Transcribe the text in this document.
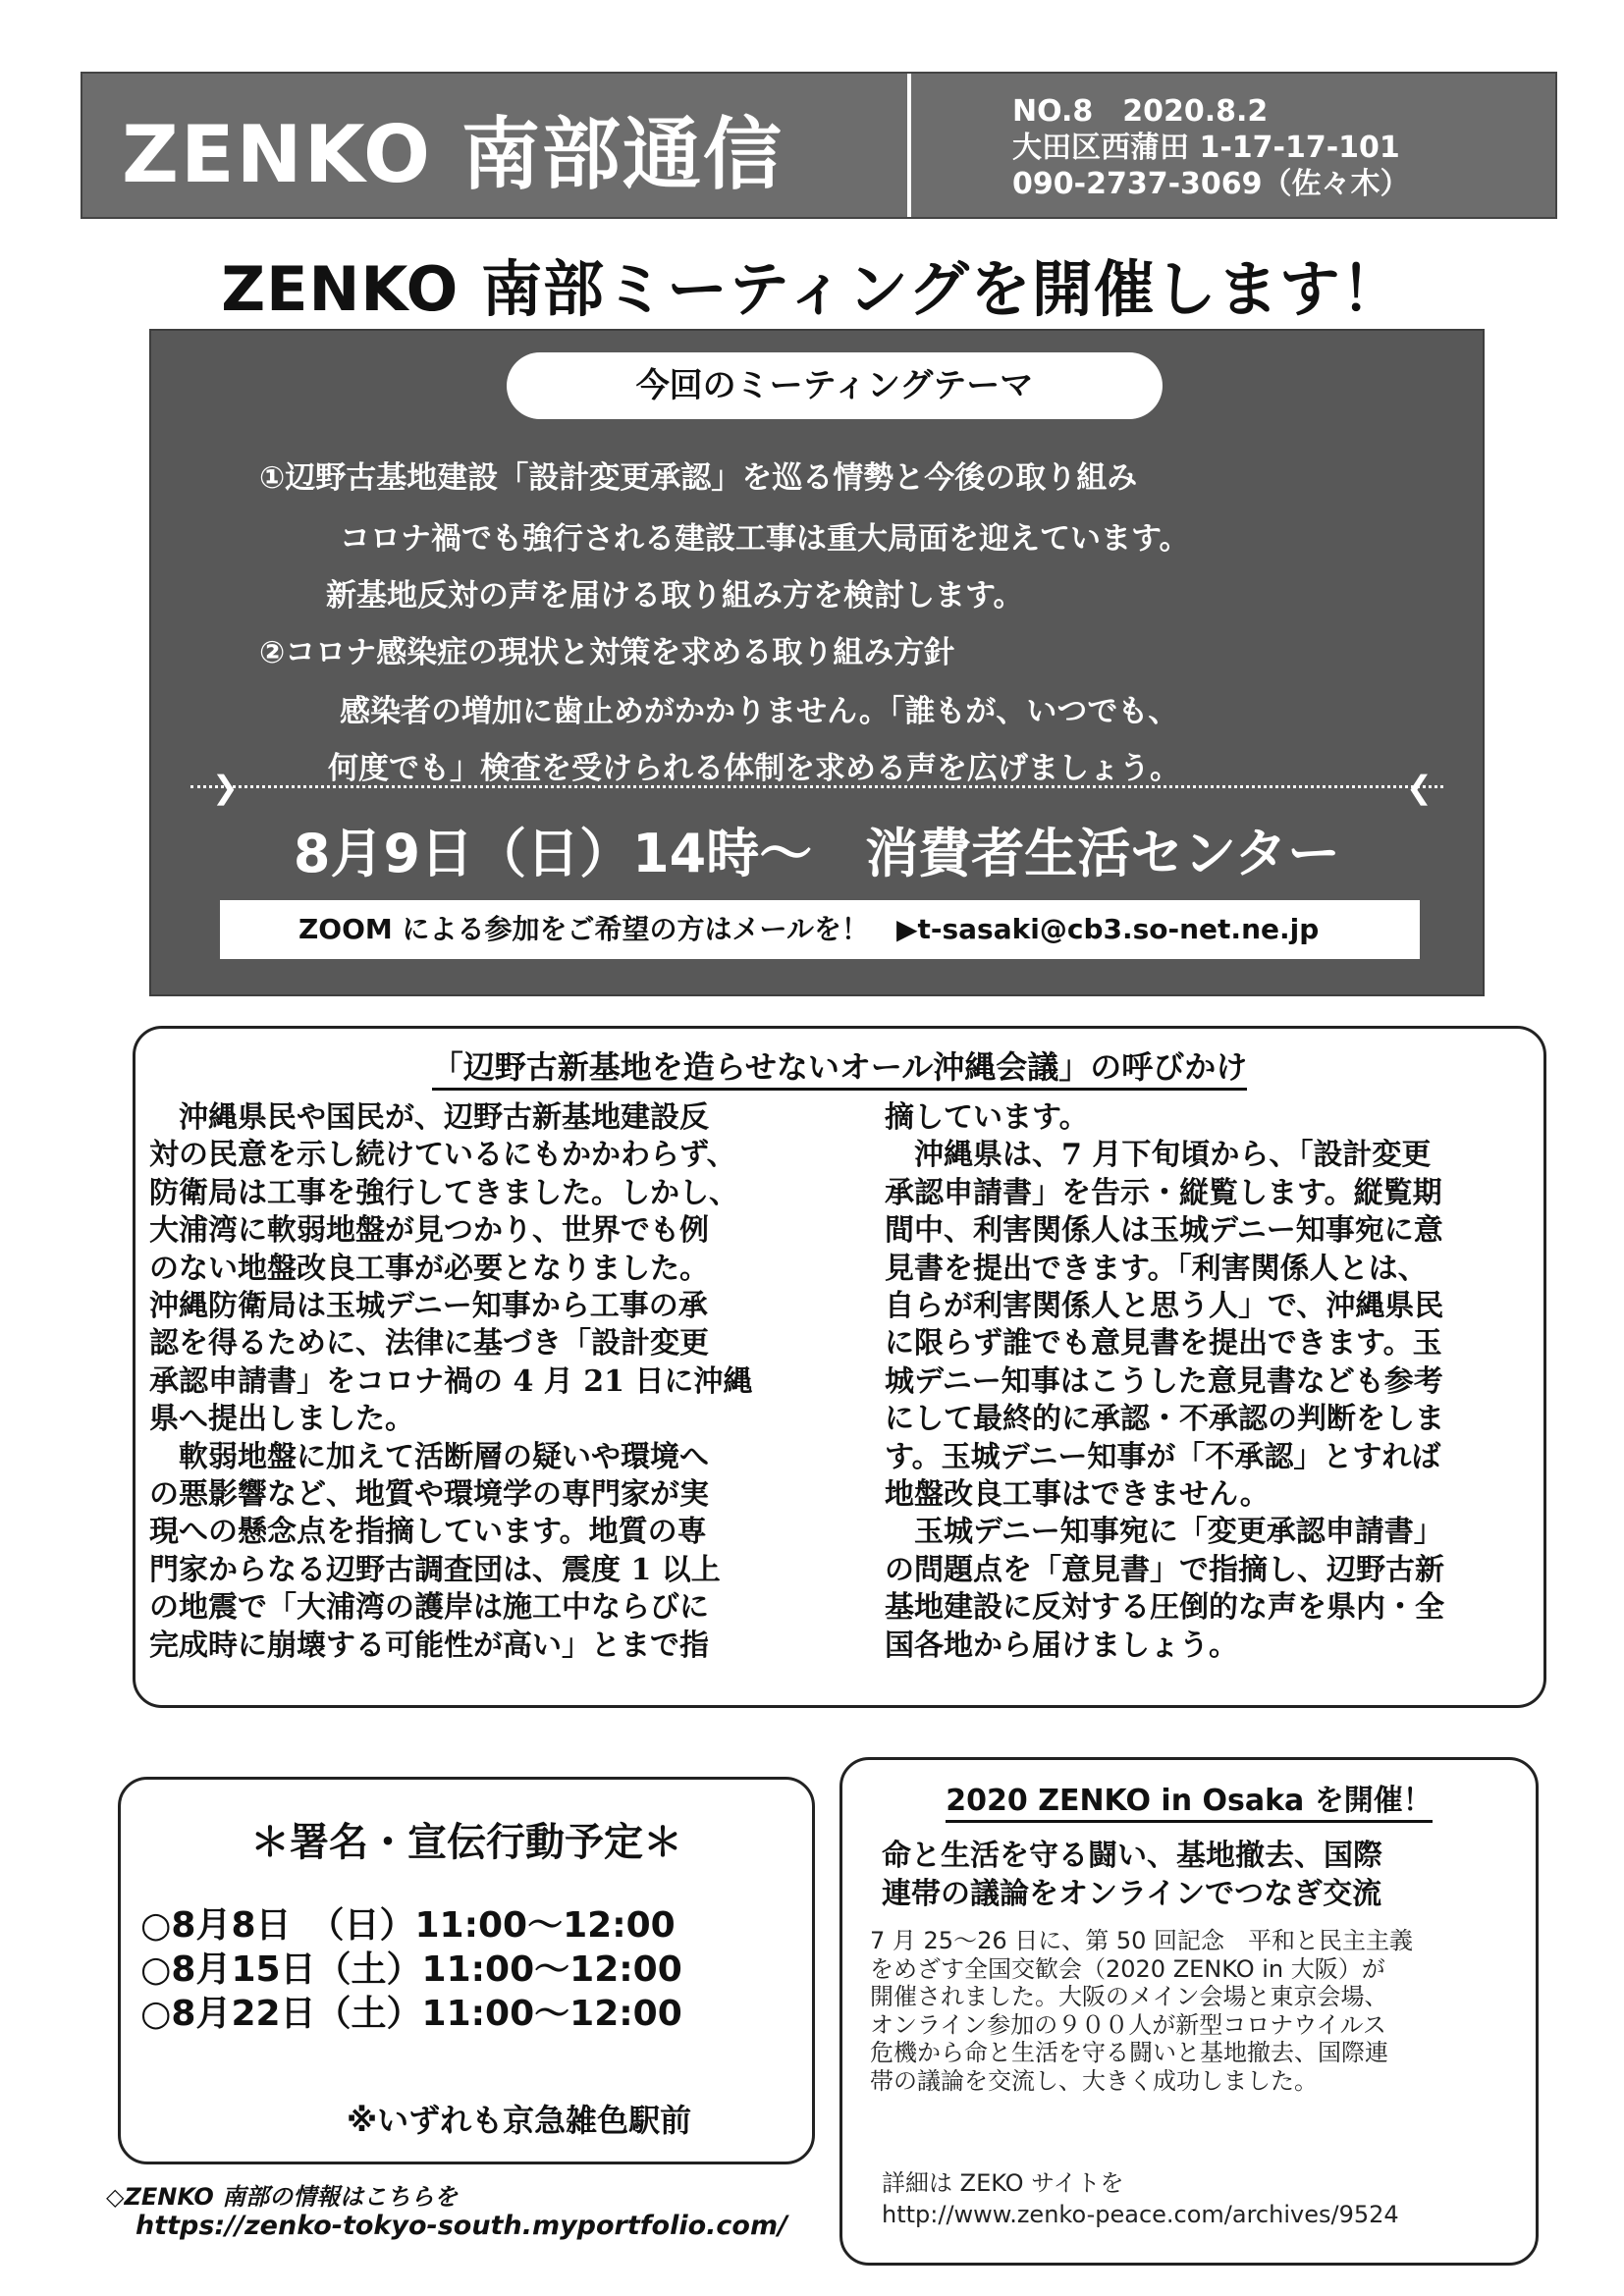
ZENKO 南部通信	NO.8　2020.8.2
大田区西蒲田 1-17-17-101
090-2737-3069（佐々木）
ZENKO 南部ミーティングを開催します！
今回のミーティングテーマ
①辺野古基地建設「設計変更承認」を巡る情勢と今後の取り組み
コロナ禍でも強行される建設工事は重大局面を迎えています。
新基地反対の声を届ける取り組み方を検討します。
②コロナ感染症の現状と対策を求める取り組み方針
感染者の増加に歯止めがかかりません。「誰もが、いつでも、
何度でも」検査を受けられる体制を求める声を広げましょう。
❯	❮
8月9日（日）14時～　消費者生活センター
ZOOM による参加をご希望の方はメールを！　▶t-sasaki@cb3.so-net.ne.jp
「辺野古新基地を造らせないオール沖縄会議」の呼びかけ

　沖縄県民や国民が、辺野古新基地建設反

対の民意を示し続けているにもかかわらず、

防衛局は工事を強行してきました。しかし、

大浦湾に軟弱地盤が見つかり、世界でも例

のない地盤改良工事が必要となりました。

沖縄防衛局は玉城デニー知事から工事の承

認を得るために、法律に基づき「設計変更

承認申請書」をコロナ禍の 4 月 21 日に沖縄

県へ提出しました。

　軟弱地盤に加えて活断層の疑いや環境へ

の悪影響など、地質や環境学の専門家が実

現への懸念点を指摘しています。地質の専

門家からなる辺野古調査団は、震度 1 以上

の地震で「大浦湾の護岸は施工中ならびに

完成時に崩壊する可能性が高い」とまで指

摘しています。

　沖縄県は、7 月下旬頃から、「設計変更

承認申請書」を告示・縦覧します。縦覧期

間中、利害関係人は玉城デニー知事宛に意

見書を提出できます。「利害関係人とは、

自らが利害関係人と思う人」で、沖縄県民

に限らず誰でも意見書を提出できます。玉

城デニー知事はこうした意見書なども参考

にして最終的に承認・不承認の判断をしま

す。玉城デニー知事が「不承認」とすれば

地盤改良工事はできません。

　玉城デニー知事宛に「変更承認申請書」

の問題点を「意見書」で指摘し、辺野古新

基地建設に反対する圧倒的な声を県内・全

国各地から届けましょう。

＊署名・宣伝行動予定＊
○8月8日　（日）11:00～12:00
○8月15日（土）11:00～12:00
○8月22日（土）11:00～12:00
※いずれも京急雑色駅前
◇ZENKO 南部の情報はこちらを
https://zenko-tokyo-south.myportfolio.com/
2020 ZENKO in Osaka を開催！
命と生活を守る闘い、基地撤去、国際
連帯の議論をオンラインでつなぎ交流

7 月 25～26 日に、第 50 回記念　平和と民主主義

をめざす全国交歓会（2020 ZENKO in 大阪）が

開催されました。大阪のメイン会場と東京会場、

オンライン参加の９００人が新型コロナウイルス

危機から命と生活を守る闘いと基地撤去、国際連

帯の議論を交流し、大きく成功しました。

詳細は ZEKO サイトを
http://www.zenko-peace.com/archives/9524
